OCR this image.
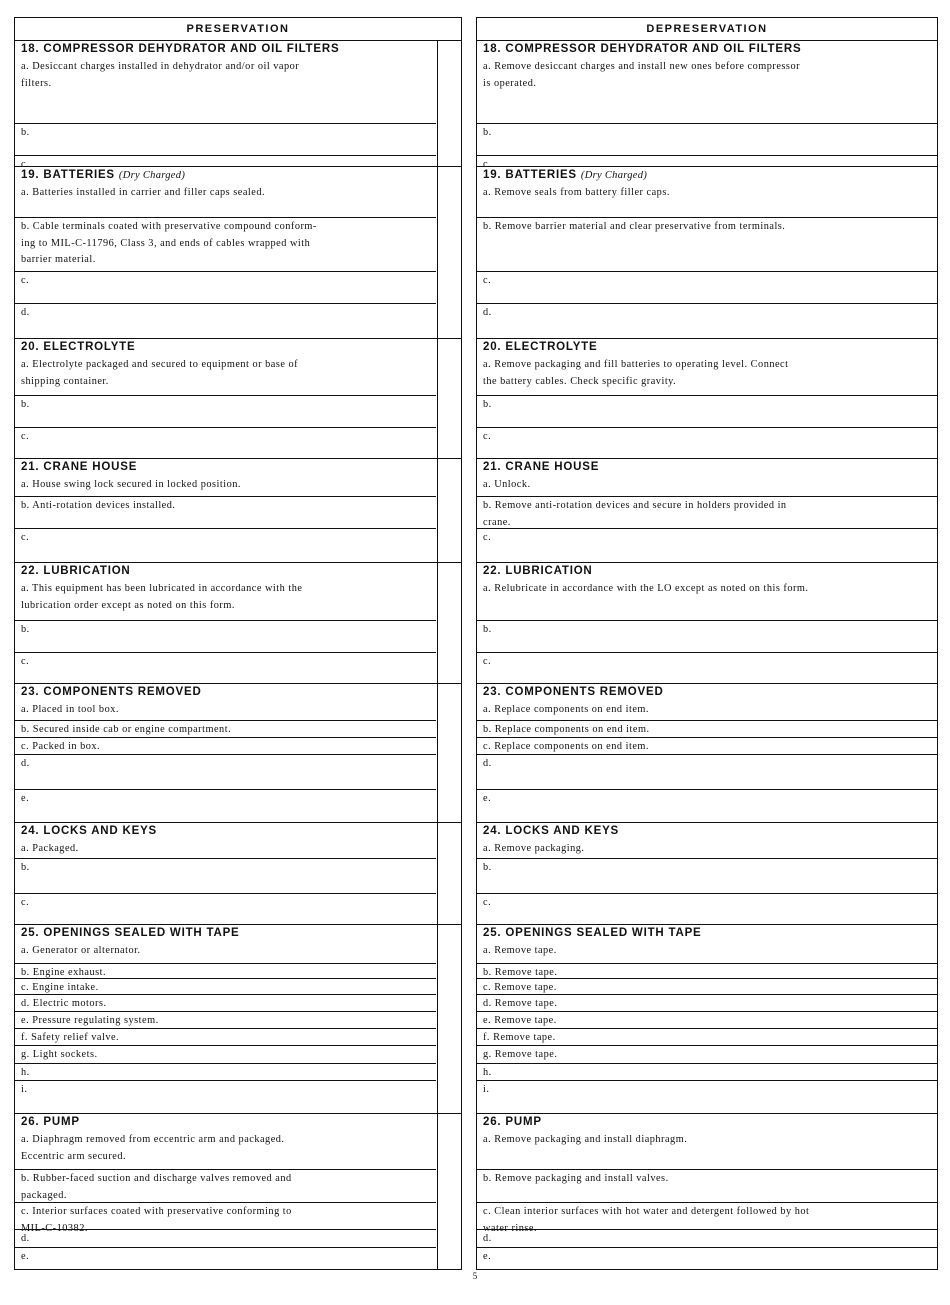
PRESERVATION
18. COMPRESSOR DEHYDRATOR AND OIL FILTERS
a. Desiccant charges installed in dehydrator and/or oil vapor
filters.
b.
c.
19. BATTERIES (Dry Charged)
a. Batteries installed in carrier and filler caps sealed.
b. Cable terminals coated with preservative compound conform-
ing to MIL-C-11796, Class 3, and ends of cables wrapped with
barrier material.
c.
d.
20. ELECTROLYTE
a. Electrolyte packaged and secured to equipment or base of
shipping container.
b.
c.
21. CRANE HOUSE
a. House swing lock secured in locked position.
b. Anti-rotation devices installed.
c.
22. LUBRICATION
a. This equipment has been lubricated in accordance with the
lubrication order except as noted on this form.
b.
c.
23. COMPONENTS REMOVED
a. Placed in tool box.
b. Secured inside cab or engine compartment.
c. Packed in box.
d.
e.
24. LOCKS AND KEYS
a. Packaged.
b.
c.
25. OPENINGS SEALED WITH TAPE
a. Generator or alternator.
b. Engine exhaust.
c. Engine intake.
d. Electric motors.
e. Pressure regulating system.
f. Safety relief valve.
g. Light sockets.
h.
i.
26. PUMP
a. Diaphragm removed from eccentric arm and packaged.
Eccentric arm secured.
b. Rubber-faced suction and discharge valves removed and
packaged.
c. Interior surfaces coated with preservative conforming to
MIL-C-10382.
d.
e.
DEPRESERVATION
18. COMPRESSOR DEHYDRATOR AND OIL FILTERS
a. Remove desiccant charges and install new ones before compressor
is operated.
b.
c.
19. BATTERIES (Dry Charged)
a. Remove seals from battery filler caps.
b. Remove barrier material and clear preservative from terminals.
c.
d.
20. ELECTROLYTE
a. Remove packaging and fill batteries to operating level. Connect
the battery cables. Check specific gravity.
b.
c.
21. CRANE HOUSE
a. Unlock.
b. Remove anti-rotation devices and secure in holders provided in
crane.
c.
22. LUBRICATION
a. Relubricate in accordance with the LO except as noted on this form.
b.
c.
23. COMPONENTS REMOVED
a. Replace components on end item.
b. Replace components on end item.
c. Replace components on end item.
d.
e.
24. LOCKS AND KEYS
a. Remove packaging.
b.
c.
25. OPENINGS SEALED WITH TAPE
a. Remove tape.
b. Remove tape.
c. Remove tape.
d. Remove tape.
e. Remove tape.
f. Remove tape.
g. Remove tape.
h.
i.
26. PUMP
a. Remove packaging and install diaphragm.
b. Remove packaging and install valves.
c. Clean interior surfaces with hot water and detergent followed by hot
water rinse.
d.
e.
5
